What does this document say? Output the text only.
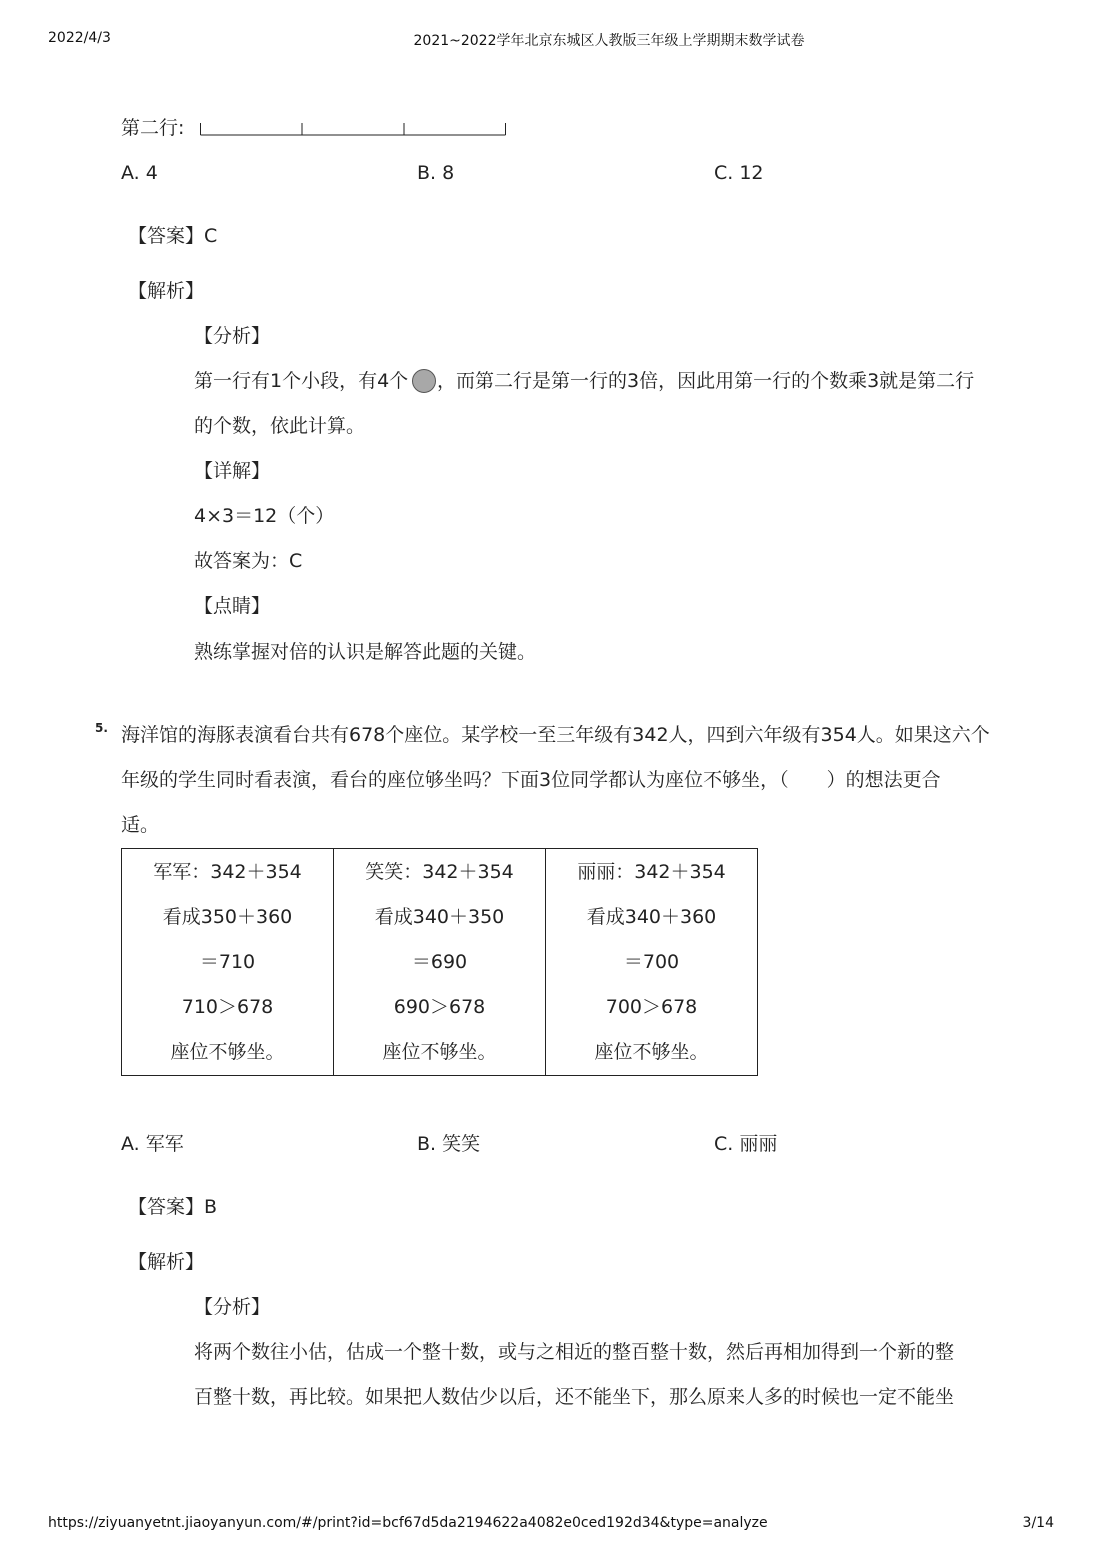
2022/4/3	2021~2022学年北京东城区人教版三年级上学期期末数学试卷
第二行:
A. 4	B. 8	C. 12
【答案】C
【解析】
【分析】
第一行有1个小段，有4个 ，而第二行是第一行的3倍，因此用第一行的个数乘3就是第二行
的个数，依此计算。
【详解】
4×3＝12（个）
故答案为：C
【点睛】
熟练掌握对倍的认识是解答此题的关键。
5. 海洋馆的海豚表演看台共有678个座位。某学校一至三年级有342人，四到六年级有354人。如果这六个
年级的学生同时看表演，看台的座位够坐吗？下面3位同学都认为座位不够坐，（　　）的想法更合
适。
军军：342＋354
看成350＋360
＝710
710＞678
座位不够坐。

笑笑：342＋354
看成340＋350
＝690
690＞678
座位不够坐。

丽丽：342＋354
看成340＋360
＝700
700＞678
座位不够坐。
A. 军军	B. 笑笑	C. 丽丽
【答案】B
【解析】
【分析】
将两个数往小估，估成一个整十数，或与之相近的整百整十数，然后再相加得到一个新的整
百整十数，再比较。如果把人数估少以后，还不能坐下，那么原来人多的时候也一定不能坐
https://ziyuanyetnt.jiaoyanyun.com/#/print?id=bcf67d5da2194622a4082e0ced192d34&type=analyze	3/14
